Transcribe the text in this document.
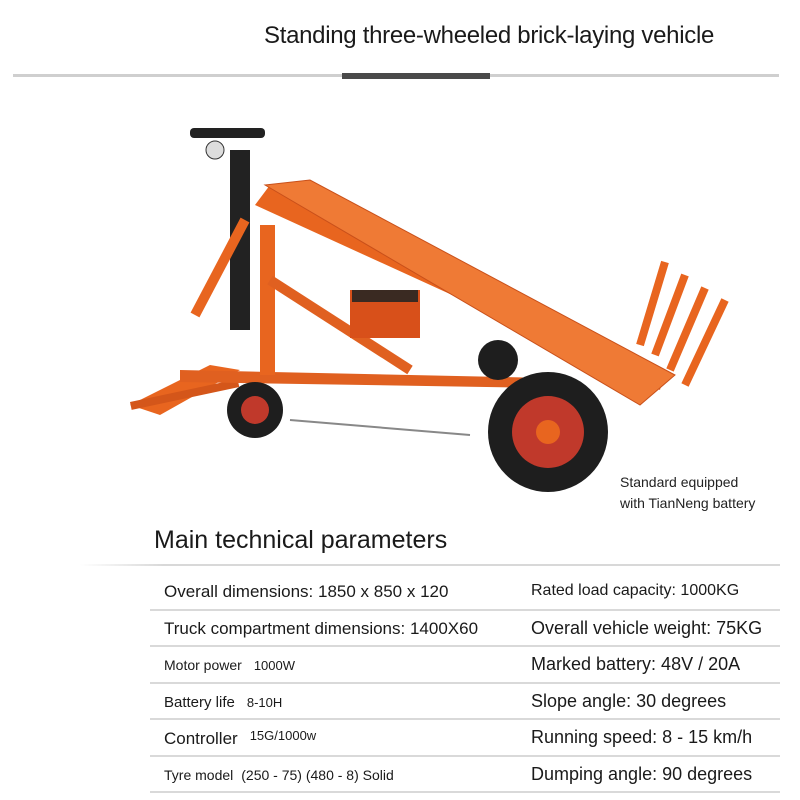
Standing three-wheeled brick-laying vehicle
Standard equipped
with TianNeng battery
Main technical parameters
Overall dimensions: 1850 x 850 x 120	Rated load capacity: 1000KG
Truck compartment dimensions: 1400X60	Overall vehicle weight: 75KG
Motor power 1000W	Marked battery: 48V / 20A
Battery life 8-10H	Slope angle: 30 degrees
Controller $^{15G/1000w}$	Running speed: 8 - 15 km/h
Tyre model (250 - 75) (480 - 8) Solid	Dumping angle: 90 degrees
